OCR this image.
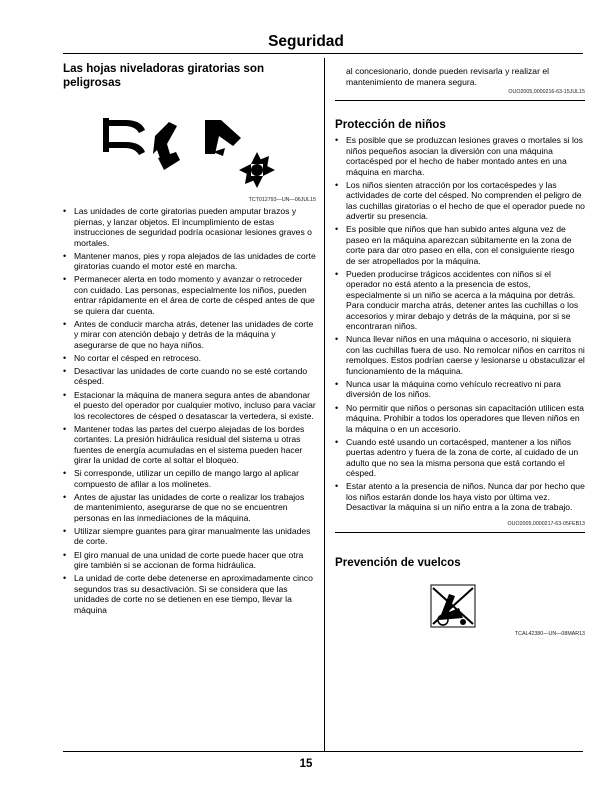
Seguridad
Las hojas niveladoras giratorias son peligrosas
TCT012793—UN—06JUL15
• Las unidades de corte giratorias pueden amputar brazos y piernas, y lanzar objetos. El incumplimiento de estas instrucciones de seguridad podría ocasionar lesiones graves o mortales.
• Mantener manos, pies y ropa alejados de las unidades de corte giratorias cuando el motor esté en marcha.
• Permanecer alerta en todo momento y avanzar o retroceder con cuidado. Las personas, especialmente los niños, pueden entrar rápidamente en el área de corte de césped antes de que se quiera dar cuenta.
• Antes de conducir marcha atrás, detener las unidades de corte y mirar con atención debajo y detrás de la máquina y asegurarse de que no haya niños.
• No cortar el césped en retroceso.
• Desactivar las unidades de corte cuando no se esté cortando césped.
• Estacionar la máquina de manera segura antes de abandonar el puesto del operador por cualquier motivo, incluso para vaciar los recolectores de césped o desatascar la vertedera, si existe.
• Mantener todas las partes del cuerpo alejadas de los bordes cortantes. La presión hidráulica residual del sistema u otras fuentes de energía acumuladas en el sistema pueden hacer girar la unidad de corte al soltar el bloqueo.
• Si corresponde, utilizar un cepillo de mango largo al aplicar compuesto de afilar a los molinetes.
• Antes de ajustar las unidades de corte o realizar los trabajos de mantenimiento, asegurarse de que no se encuentren personas en las inmediaciones de la máquina.
• Utilizar siempre guantes para girar manualmente las unidades de corte.
• El giro manual de una unidad de corte puede hacer que otra gire también si se accionan de forma hidráulica.
• La unidad de corte debe detenerse en aproximadamente cinco segundos tras su desactivación. Si se considera que las unidades de corte no se detienen en ese tiempo, llevar la máquina
al concesionario, donde pueden revisarla y realizar el mantenimiento de manera segura.
OUO2005,0000216-63-15JUL15
Protección de niños
• Es posible que se produzcan lesiones graves o mortales si los niños pequeños asocian la diversión con una máquina cortacésped por el hecho de haber montado antes en una máquina en marcha.
• Los niños sienten atracción por los cortacéspedes y las actividades de corte del césped. No comprenden el peligro de las cuchillas giratorias o el hecho de que el operador puede no advertir su presencia.
• Es posible que niños que han subido antes alguna vez de paseo en la máquina aparezcan súbitamente en la zona de corte para dar otro paseo en ella, con el consiguiente riesgo de ser atropellados por la máquina.
• Pueden producirse trágicos accidentes con niños si el operador no está atento a la presencia de estos, especialmente si un niño se acerca a la máquina por detrás. Para conducir marcha atrás, detener antes las cuchillas o los accesorios y mirar debajo y detrás de la máquina, por si se encontraran niños.
• Nunca llevar niños en una máquina o accesorio, ni siquiera con las cuchillas fuera de uso. No remolcar niños en carritos ni remolques. Estos podrían caerse y lesionarse u obstaculizar el funcionamiento de la máquina.
• Nunca usar la máquina como vehículo recreativo ni para diversión de los niños.
• No permitir que niños o personas sin capacitación utilicen esta máquina. Prohibir a todos los operadores que lleven niños en la máquina o en un accesorio.
• Cuando esté usando un cortacésped, mantener a los niños puertas adentro y fuera de la zona de corte, al cuidado de un adulto que no sea la misma persona que está cortando el césped.
• Estar atento a la presencia de niños. Nunca dar por hecho que los niños estarán donde los haya visto por última vez. Desactivar la máquina si un niño entra a la zona de trabajo.
OUO2005,0000217-63-05FEB13
Prevención de vuelcos
TCAL42380—UN—08MAR13
15
